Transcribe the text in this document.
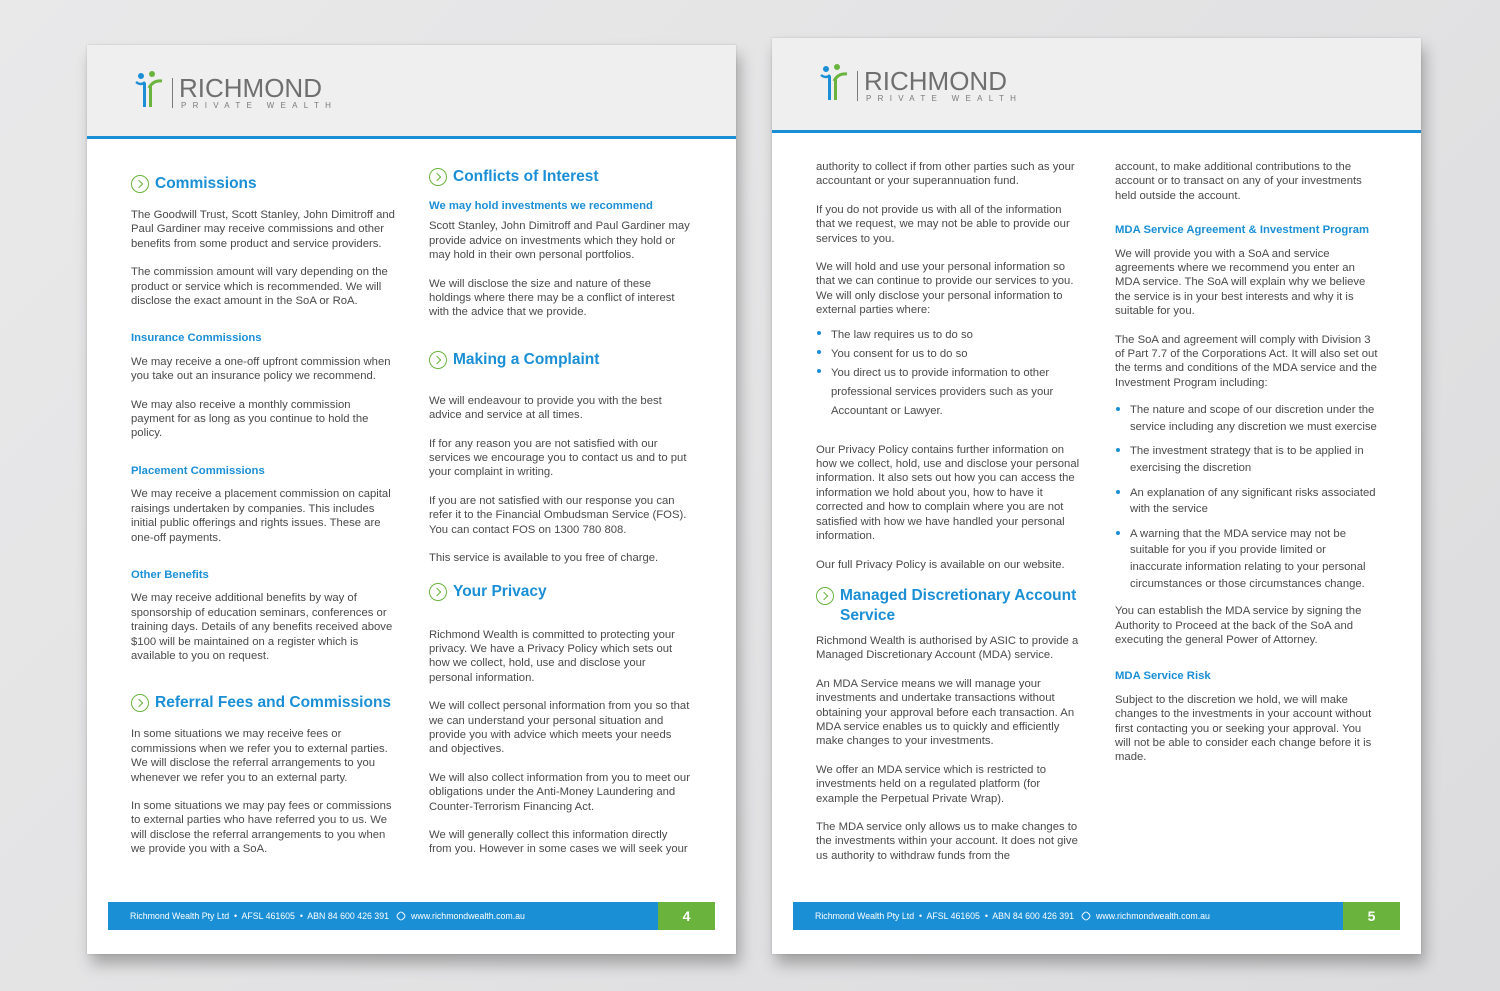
RICHMOND
PRIVATE WEALTH
Commissions

The Goodwill Trust, Scott Stanley, John Dimitroff and Paul Gardiner may receive commissions and other benefits from some product and service providers.

The commission amount will vary depending on the product or service which is recommended. We will disclose the exact amount in the SoA or RoA.

Insurance Commissions

We may receive a one-off upfront commission when you take out an insurance policy we recommend.

We may also receive a monthly commission payment for as long as you continue to hold the policy.

Placement Commissions

We may receive a placement commission on capital raisings undertaken by companies. This includes initial public offerings and rights issues. These are one-off payments.

Other Benefits

We may receive additional benefits by way of sponsorship of education seminars, conferences or training days. Details of any benefits received above $100 will be maintained on a register which is available to you on request.

Referral Fees and Commissions

In some situations we may receive fees or commissions when we refer you to external parties. We will disclose the referral arrangements to you whenever we refer you to an external party.

In some situations we may pay fees or commissions to external parties who have referred you to us. We will disclose the referral arrangements to you when we provide you with a SoA.

Conflicts of Interest
We may hold investments we recommend

Scott Stanley, John Dimitroff and Paul Gardiner may provide advice on investments which they hold or may hold in their own personal portfolios.

We will disclose the size and nature of these holdings where there may be a conflict of interest with the advice that we provide.

Making a Complaint

We will endeavour to provide you with the best advice and service at all times.

If for any reason you are not satisfied with our services we encourage you to contact us and to put your complaint in writing.

If you are not satisfied with our response you can refer it to the Financial Ombudsman Service (FOS). You can contact FOS on 1300 780 808.

This service is available to you free of charge.

Your Privacy

Richmond Wealth is committed to protecting your privacy. We have a Privacy Policy which sets out how we collect, hold, use and disclose your personal information.

We will collect personal information from you so that we can understand your personal situation and provide you with advice which meets your needs and objectives.

We will also collect information from you to meet our obligations under the Anti-Money Laundering and Counter-Terrorism Financing Act.

We will generally collect this information directly from you. However in some cases we will seek your

Richmond Wealth Pty Ltd  •  AFSL 461605  •  ABN 84 600 426 391	www.richmondwealth.com.au	4
RICHMOND
PRIVATE WEALTH

authority to collect if from other parties such as your accountant or your superannuation fund.

If you do not provide us with all of the information that we request, we may not be able to provide our services to you.

We will hold and use your personal information so that we can continue to provide our services to you. We will only disclose your personal information to external parties where:

The law requires us to do so
You consent for us to do so
You direct us to provide information to other professional services providers such as your Accountant or Lawyer.

Our Privacy Policy contains further information on how we collect, hold, use and disclose your personal information. It also sets out how you can access the information we hold about you, how to have it corrected and how to complain where you are not satisfied with how we have handled your personal information.

Our full Privacy Policy is available on our website.

Managed Discretionary Account Service

Richmond Wealth is authorised by ASIC to provide a Managed Discretionary Account (MDA) service.

An MDA Service means we will manage your investments and undertake transactions without obtaining your approval before each transaction. An MDA service enables us to quickly and efficiently make changes to your investments.

We offer an MDA service which is restricted to investments held on a regulated platform (for example the Perpetual Private Wrap).

The MDA service only allows us to make changes to the investments within your account. It does not give us authority to withdraw funds from the

account, to make additional contributions to the account or to transact on any of your investments held outside the account.

MDA Service Agreement & Investment Program

We will provide you with a SoA and service agreements where we recommend you enter an MDA service. The SoA will explain why we believe the service is in your best interests and why it is suitable for you.

The SoA and agreement will comply with Division 3 of Part 7.7 of the Corporations Act. It will also set out the terms and conditions of the MDA service and the Investment Program including:

The nature and scope of our discretion under the service including any discretion we must exercise
The investment strategy that is to be applied in exercising the discretion
An explanation of any significant risks associated with the service
A warning that the MDA service may not be suitable for you if you provide limited or inaccurate information relating to your personal circumstances or those circumstances change.

You can establish the MDA service by signing the Authority to Proceed at the back of the SoA and executing the general Power of Attorney.

MDA Service Risk

Subject to the discretion we hold, we will make changes to the investments in your account without first contacting you or seeking your approval. You will not be able to consider each change before it is made.

Richmond Wealth Pty Ltd  •  AFSL 461605  •  ABN 84 600 426 391	www.richmondwealth.com.au	5
